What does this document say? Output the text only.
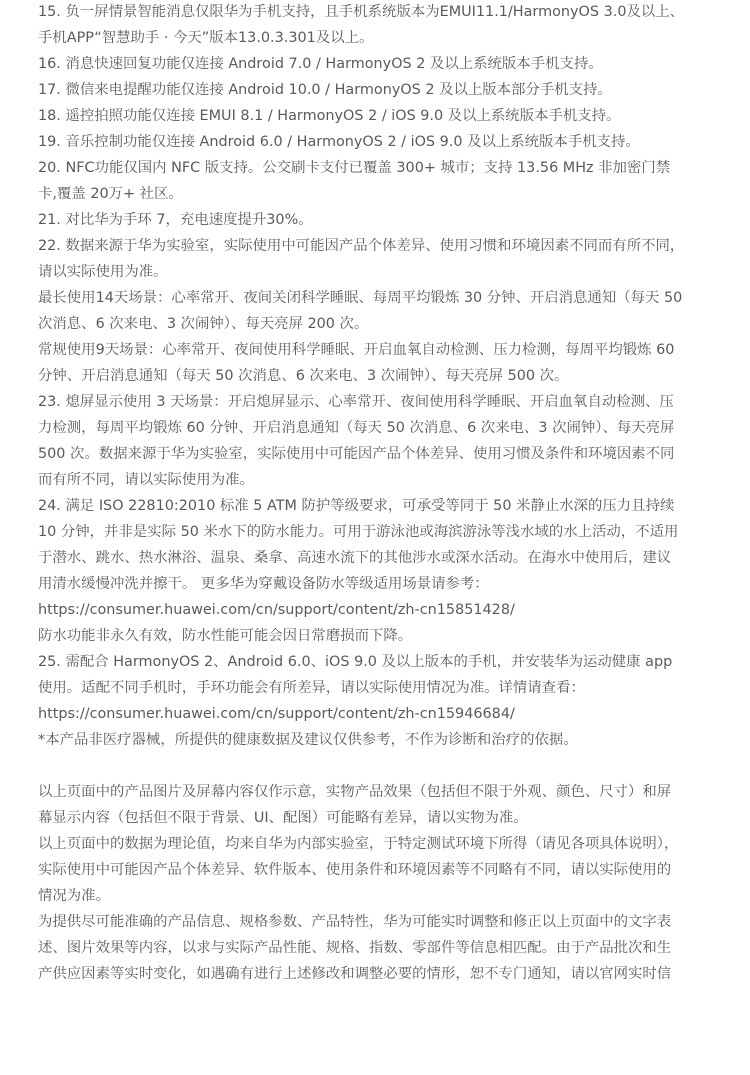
15. 负一屏情景智能消息仅限华为手机支持，且手机系统版本为EMUI11.1/HarmonyOS 3.0及以上、
手机APP“智慧助手 · 今天”版本13.0.3.301及以上。
16. 消息快速回复功能仅连接 Android 7.0 / HarmonyOS 2 及以上系统版本手机支持。
17. 微信来电提醒功能仅连接 Android 10.0 / HarmonyOS 2 及以上版本部分手机支持。
18. 遥控拍照功能仅连接 EMUI 8.1 / HarmonyOS 2 / iOS 9.0 及以上系统版本手机支持。
19. 音乐控制功能仅连接 Android 6.0 / HarmonyOS 2 / iOS 9.0 及以上系统版本手机支持。
20. NFC功能仅国内 NFC 版支持。公交刷卡支付已覆盖 300+ 城市；支持 13.56 MHz 非加密门禁
卡,覆盖 20万+ 社区。
21. 对比华为手环 7，充电速度提升30%。
22. 数据来源于华为实验室，实际使用中可能因产品个体差异、使用习惯和环境因素不同而有所不同，
请以实际使用为准。
最长使用14天场景：心率常开、夜间关闭科学睡眠、每周平均锻炼 30 分钟、开启消息通知（每天 50
次消息、6 次来电、3 次闹钟）、每天亮屏 200 次。
常规使用9天场景：心率常开、夜间使用科学睡眠、开启血氧自动检测、压力检测，每周平均锻炼 60
分钟、开启消息通知（每天 50 次消息、6 次来电、3 次闹钟）、每天亮屏 500 次。
23. 熄屏显示使用 3 天场景：开启熄屏显示、心率常开、夜间使用科学睡眠、开启血氧自动检测、压
力检测，每周平均锻炼 60 分钟、开启消息通知（每天 50 次消息、6 次来电、3 次闹钟）、每天亮屏
500 次。数据来源于华为实验室，实际使用中可能因产品个体差异、使用习惯及条件和环境因素不同
而有所不同，请以实际使用为准。
24. 满足 ISO 22810:2010 标准 5 ATM 防护等级要求，可承受等同于 50 米静止水深的压力且持续
10 分钟，并非是实际 50 米水下的防水能力。可用于游泳池或海滨游泳等浅水域的水上活动，不适用
于潜水、跳水、热水淋浴、温泉、桑拿、高速水流下的其他涉水或深水活动。在海水中使用后，建议
用清水缓慢冲洗并擦干。 更多华为穿戴设备防水等级适用场景请参考：
https://consumer.huawei.com/cn/support/content/zh-cn15851428/
防水功能非永久有效，防水性能可能会因日常磨损而下降。
25. 需配合 HarmonyOS 2、Android 6.0、iOS 9.0 及以上版本的手机，并安装华为运动健康 app
使用。适配不同手机时，手环功能会有所差异，请以实际使用情况为准。详情请查看：
https://consumer.huawei.com/cn/support/content/zh-cn15946684/
*本产品非医疗器械，所提供的健康数据及建议仅供参考，不作为诊断和治疗的依据。
以上页面中的产品图片及屏幕内容仅作示意，实物产品效果（包括但不限于外观、颜色、尺寸）和屏
幕显示内容（包括但不限于背景、UI、配图）可能略有差异，请以实物为准。
以上页面中的数据为理论值，均来自华为内部实验室，于特定测试环境下所得（请见各项具体说明），
实际使用中可能因产品个体差异、软件版本、使用条件和环境因素等不同略有不同，请以实际使用的
情况为准。
为提供尽可能准确的产品信息、规格参数、产品特性，华为可能实时调整和修正以上页面中的文字表
述、图片效果等内容，以求与实际产品性能、规格、指数、零部件等信息相匹配。由于产品批次和生
产供应因素等实时变化，如遇确有进行上述修改和调整必要的情形，恕不专门通知，请以官网实时信
